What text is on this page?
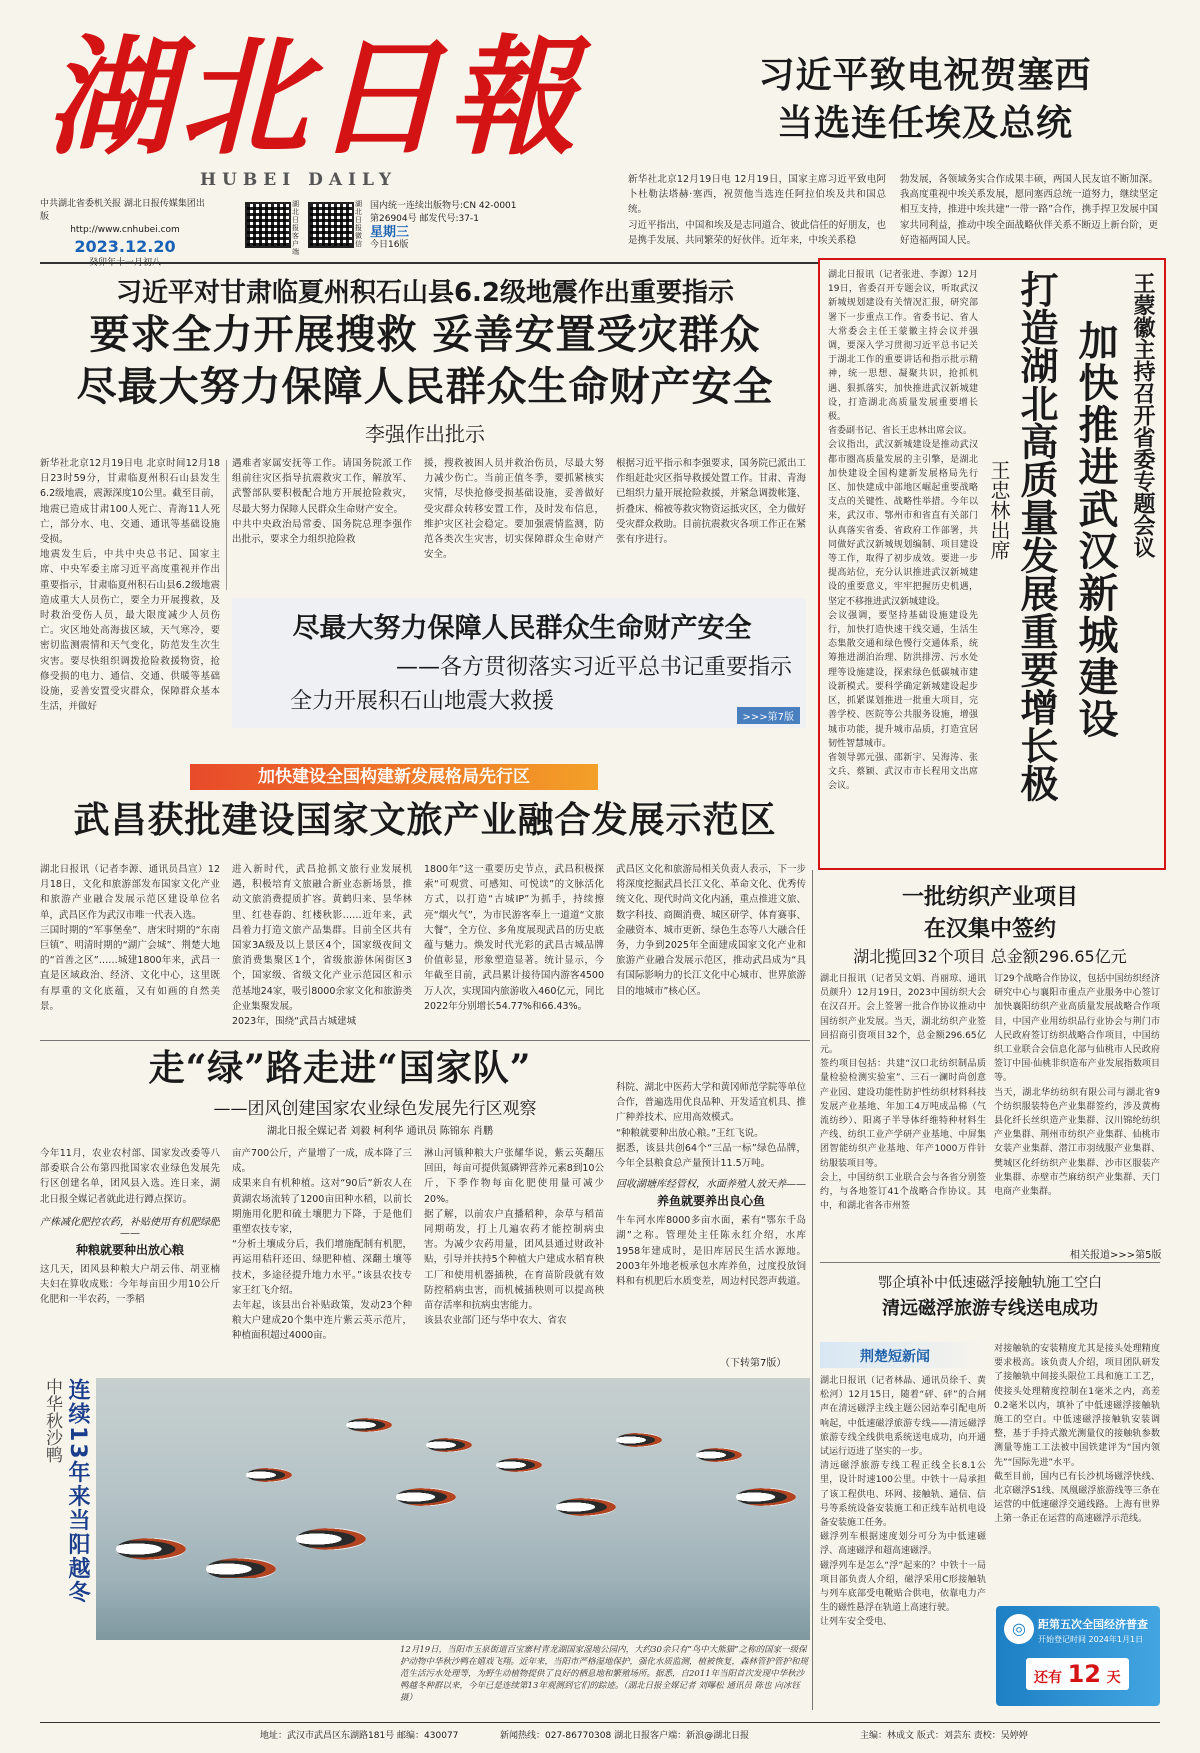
湖北日報
HUBEI DAILY
中共湖北省委机关报 湖北日报传媒集团出版
http://www.cnhubei.com
2023.12.20
湖北日报客户端
湖北日报微信
国内统一连续出版物号:CN 42-0001
第26904号 邮发代号:37-1
星期三
今日16版
习近平致电祝贺塞西
当选连任埃及总统
新华社北京12月19日电 12月19日，国家主席习近平致电阿卜杜勒法塔赫·塞西，祝贺他当选连任阿拉伯埃及共和国总统。
习近平指出，中国和埃及是志同道合、彼此信任的好朋友，也是携手发展、共同繁荣的好伙伴。近年来，中埃关系稳
勃发展，各领域务实合作成果丰硕，两国人民友谊不断加深。我高度重视中埃关系发展，愿同塞西总统一道努力，继续坚定相互支持，推进中埃共建“一带一路”合作，携手捍卫发展中国家共同利益，推动中埃全面战略伙伴关系不断迈上新台阶，更好造福两国人民。
习近平对甘肃临夏州积石山县6.2级地震作出重要指示
要求全力开展搜救 妥善安置受灾群众
尽最大努力保障人民群众生命财产安全
李强作出批示
新华社北京12月19日电 北京时间12月18日23时59分，甘肃临夏州积石山县发生6.2级地震，震源深度10公里。截至目前，地震已造成甘肃100人死亡、青海11人死亡，部分水、电、交通、通讯等基础设施受损。
地震发生后，中共中央总书记、国家主席、中央军委主席习近平高度重视并作出重要指示，甘肃临夏州积石山县6.2级地震造成重大人员伤亡，要全力开展搜救，及时救治受伤人员，最大限度减少人员伤亡。灾区地处高海拔区域，天气寒冷，要密切监测震情和天气变化，防范发生次生灾害。要尽快组织调拨抢险救援物资，抢修受损的电力、通信、交通、供暖等基础设施，妥善安置受灾群众，保障群众基本生活，并做好
遇难者家属安抚等工作。请国务院派工作组前往灾区指导抗震救灾工作，解放军、武警部队要积极配合地方开展抢险救灾，尽最大努力保障人民群众生命财产安全。
中共中央政治局常委、国务院总理李强作出批示，要求全力组织抢险救
援，搜救被困人员并救治伤员，尽最大努力减少伤亡。当前正值冬季，要抓紧核实灾情，尽快抢修受损基础设施，妥善做好受灾群众转移安置工作，及时发布信息，维护灾区社会稳定。要加强震情监测，防范各类次生灾害，切实保障群众生命财产安全。
根据习近平指示和李强要求，国务院已派出工作组赶赴灾区指导救援处置工作。甘肃、青海已组织力量开展抢险救援，并紧急调拨帐篷、折叠床、棉被等救灾物资运抵灾区，全力做好受灾群众救助。目前抗震救灾各项工作正在紧张有序进行。
尽最大努力保障人民群众生命财产安全
——各方贯彻落实习近平总书记重要指示
全力开展积石山地震大救援
>>>第7版
湖北日报讯（记者张进、李源）12月19日，省委召开专题会议，听取武汉新城规划建设有关情况汇报，研究部署下一步重点工作。省委书记、省人大常委会主任王蒙徽主持会议并强调，要深入学习贯彻习近平总书记关于湖北工作的重要讲话和指示批示精神，统一思想、凝聚共识，抢抓机遇、狠抓落实，加快推进武汉新城建设，打造湖北高质量发展重要增长极。
省委副书记、省长王忠林出席会议。
会议指出，武汉新城建设是推动武汉都市圈高质量发展的主引擎，是湖北加快建设全国构建新发展格局先行区、加快建成中部地区崛起重要战略支点的关键性、战略性举措。今年以来，武汉市、鄂州市和省直有关部门认真落实省委、省政府工作部署，共同做好武汉新城规划编制、项目建设等工作，取得了初步成效。要进一步提高站位，充分认识推进武汉新城建设的重要意义，牢牢把握历史机遇，坚定不移推进武汉新城建设。
会议强调，要坚持基础设施建设先行，加快打造快速干线交通，生活生态集散交通和绿色慢行交通体系，统筹推进湖泊治理、防洪排涝、污水处理等设施建设，探索绿色低碳城市建设新模式。要科学确定新城建设起步区，抓紧谋划推进一批重大项目，完善学校、医院等公共服务设施，增强城市功能，提升城市品质，打造宜居韧性智慧城市。
省领导郭元强、邵新宇、吴海涛、张文兵、蔡颖、武汉市市长程用文出席会议。
王蒙徽主持召开省委专题会议
加快推进武汉新城建设
打造湖北高质量发展重要增长极
王忠林出席
加快建设全国构建新发展格局先行区
武昌获批建设国家文旅产业融合发展示范区
湖北日报讯（记者李源、通讯员昌宣）12月18日，文化和旅游部发布国家文化产业和旅游产业融合发展示范区建设单位名单，武昌区作为武汉市唯一代表入选。
三国时期的“军事堡垒”、唐宋时期的“东南巨镇”、明清时期的“湖广会城”、荆楚大地的“首善之区”……城建1800年来，武昌一直是区域政治、经济、文化中心，这里既有厚重的文化底蕴，又有如画的自然美景。
进入新时代，武昌抢抓文旅行业发展机遇，积极培育文旅融合新业态新场景，推动文旅消费提质扩容。黄鹤归来、昙华林里、红巷春韵、红楼秋影……近年来，武昌着力打造文旅产品集群。目前全区共有国家3A级及以上景区4个，国家级夜间文旅消费集聚区1个，省级旅游休闲街区3个，国家级、省级文化产业示范园区和示范基地24家，吸引8000余家文化和旅游类企业集聚发展。
2023年，围绕“武昌古城建城
1800年”这一重要历史节点，武昌积极探索“可观赏、可感知、可悦读”的文脉活化方式，以打造“古城IP”为抓手，持续擦亮“烟火气”，为市民游客奉上一道道“文旅大餐”，全方位、多角度展现武昌的历史底蕴与魅力。焕发时代光彩的武昌古城品牌价值彰显，形象塑造显著。统计显示，今年截至目前，武昌累计接待国内游客4500万人次，实现国内旅游收入460亿元，同比2022年分别增长54.77%和66.43%。
武昌区文化和旅游局相关负责人表示，下一步将深度挖掘武昌长江文化、革命文化、优秀传统文化、现代时尚文化内涵，重点推进文旅、数字科技、商圈消费、城区研学、体育赛事、金融资本、城市更新、绿色生态等八大融合任务，力争到2025年全面建成国家文化产业和旅游产业融合发展示范区，推动武昌成为“具有国际影响力的长江文化中心城市、世界旅游目的地城市”核心区。
走“绿”路走进“国家队”
——团风创建国家农业绿色发展先行区观察
湖北日报全媒记者 刘毅 柯利华 通讯员 陈锦东 肖鹏
今年11月，农业农村部、国家发改委等八部委联合公布第四批国家农业绿色发展先行区创建名单，团风县入选。连日来，湖北日报全媒记者就此进行蹲点探访。
产株减化肥控农药，补贴使用有机肥绿肥——
种粮就要种出放心粮
这几天，团风县种粮大户胡云伟、胡亚楠夫妇在算收成账：今年每亩田少用10公斤化肥和一半农药，一季稻
亩产700公斤，产量增了一成，成本降了三成。
成果来自有机种植。这对“90后”新农人在黄湖农场流转了1200亩田种水稻，以前长期施用化肥和硫土壤肥力下降，于是他们重塑农技专家，
“分析土壤成分后，我们增施配制有机肥，再运用秸秆还田、绿肥种植、深翻土壤等技术，多途径提升地力水平。”该县农技专家王红飞介绍。
去年起，该县出台补贴政策，发动23个种粮大户建成20个集中连片紫云英示范片，种植面积超过4000亩。
淋山河镇种粮大户张耀华说，紫云英翻压回田，每亩可提供氮磷钾营养元素8到10公斤，下季作物每亩化肥使用量可减少20%。
据了解，以前农户直播稻种，杂草与稻苗同期萌发，打上几遍农药才能控制病虫害。为减少农药用量，团风县通过财政补贴，引导并扶持5个种植大户建成水稻育秧工厂和使用机器插秧，在育苗阶段就有效防控稻病虫害，而机械插秧则可以提高秧苗存活率和抗病虫害能力。
该县农业部门还与华中农大、省农
科院、湖北中医药大学和黄冈师范学院等单位合作，普遍选用优良品种、开发适宜机具、推广种养技术、应用高效模式。
“种粮就要种出放心粮。”王红飞说。
据悉，该县共创64个“三品一标”绿色品牌，今年全县粮食总产量预计11.5万吨。
回收湖塘库经管权，水面养殖人放天养——
养鱼就要养出良心鱼
牛车河水库8000多亩水面，素有“鄂东千岛湖”之称。管理处主任陈永红介绍，水库1958年建成时，是旧库居民生活水源地。2003年外地老板承包水库养鱼，过度投放饲料和有机肥后水质变差，周边村民怨声载道。
（下转第7版）
中华秋沙鸭 连续13年来当阳越冬
12月19日，当阳市玉泉街道百宝寨村青龙湖国家湿地公园内，大约30余只有“鸟中大熊猫”之称的国家一级保护动物中华秋沙鸭在嬉戏飞翔。近年来，当阳市严格湿地保护，强化水质监测，植被恢复，森林管护管护和规范生活污水处理等，为野生动植物提供了良好的栖息地和繁殖场所。据悉，自2011年当阳首次发现中华秋沙鸭越冬种群以来，今年已是连续第13年观测到它们的踪迹。（湖北日报全媒记者 刘曝松 通讯员 陈也 向冰钰 摄）
一批纺织产业项目
在汉集中签约
湖北揽回32个项目 总金额296.65亿元
湖北日报讯（记者吴文娟、肖丽琼、通讯员颜升）12月19日，2023中国纺织大会在汉召开。会上签署一批合作协议推动中国纺织产业发展。当天，湖北纺织产业签回招商引资项目32个，总金额296.65亿元。
签约项目包括：共建“汉口北纺织制品质量检验检测实验室”、三石一澜时尚创意产业园、建设功能性防护性纺织材料科技发展产业基地、年加工4万吨成品棉（气流纺纱）、阳离子半导体纤维特种材料生产线、纺织工业产学研产业基地、中屏集团智能纺织产业基地、年产1000万件针纺服装项目等。
会上，中国纺织工业联合会与各省分别签约，与各地签订41个战略合作协议。其中，和湖北省各市州签
订29个战略合作协议，包括中国纺织经济研究中心与襄阳市重点产业服务中心签订加快襄阳纺织产业高质量发展战略合作项目，中国产业用纺织品行业协会与荆门市人民政府签订纺织战略合作项目，中国纺织工业联合会信息化部与仙桃市人民政府签订中国·仙桃非织造布产业发展指数项目等。
当天，湖北华纺纺织有限公司与湖北省9个纺织服装特色产业集群签约，涉及黄梅县化纤长丝织造产业集群、汉川锦纶纺织产业集群、荆州市纺织产业集群、仙桃市女装产业集群、潜江市羽绒服产业集群、樊城区化纤纺织产业集群、沙市区服装产业集群、赤壁市苎麻纺织产业集群、天门电商产业集群。
相关报道>>>第5版
鄂企填补中低速磁浮接触轨施工空白
清远磁浮旅游专线送电成功
荆楚短新闻
湖北日报讯（记者林晶、通讯员徐千、黄松河）12月15日，随着“砰、砰”的合闸声在清远磁浮主线主题公园站奉引配电所响起，中低速磁浮旅游专线——清远磁浮旅游专线全线供电系统送电成功，向开通试运行迈进了坚实的一步。
清远磁浮旅游专线工程正线全长8.1公里，设计时速100公里。中铁十一局承担了该工程供电、环网、接触轨、通信、信号等系统设备安装施工和正线车站机电设备安装施工任务。
磁浮列车根据速度划分可分为中低速磁浮、高速磁浮和超高速磁浮。
磁浮列车是怎么“浮”起来的？中铁十一局项目部负责人介绍，磁浮采用C形接触轨与列车底部受电靴贴合供电，依靠电力产生的磁性悬浮在轨道上高速行驶。
让列车安全受电、
对接触轨的安装精度尤其是接头处理精度要求极高。该负责人介绍，项目团队研发了接触轨中间接头限位工具和施工工艺，使接头处理精度控制在1毫米之内，高差0.2毫米以内，填补了中低速磁浮接触轨施工的空白。中低速磁浮接触轨安装调整，基于手持式激光测量仪的接触轨参数测量等施工工法被中国铁建评为“国内领先”“国际先进”水平。
截至目前，国内已有长沙机场磁浮快线、北京磁浮S1线、凤凰磁浮旅游线等三条在运营的中低速磁浮交通线路。上海有世界上第一条正在运营的高速磁浮示范线。
◎	距第五次全国经济普查
开始登记时间 2024年1月1日
还有 12 天
地址：武汉市武昌区东湖路181号 邮编：430077	新闻热线：027-86770308 湖北日报客户端：新浪@湖北日报	主编：林成文 版式：刘芸东 责校：吴婷婷
